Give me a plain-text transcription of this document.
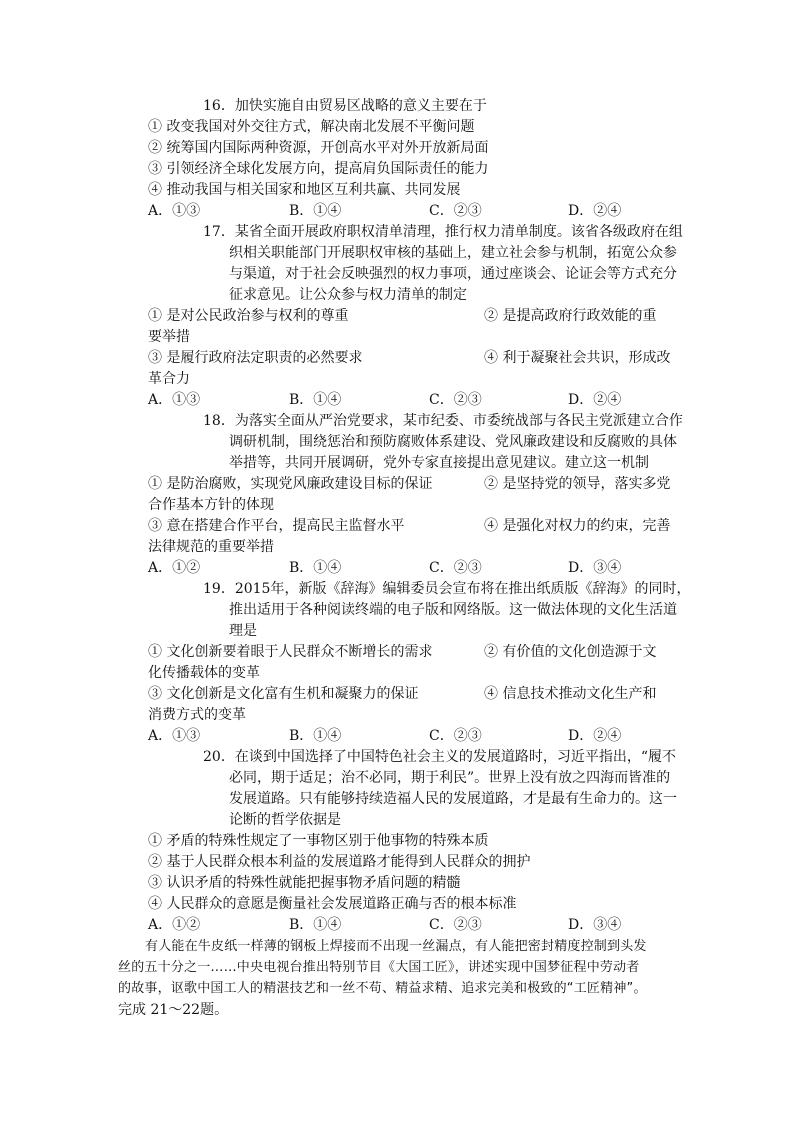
16．加快实施自由贸易区战略的意义主要在于
① 改变我国对外交往方式，解决南北发展不平衡问题
② 统筹国内国际两种资源，开创高水平对外开放新局面
③ 引领经济全球化发展方向，提高肩负国际责任的能力
④ 推动我国与相关国家和地区互利共赢、共同发展
A．①③	B．①④	C．②③	D．②④
17．某省全面开展政府职权清单清理，推行权力清单制度。该省各级政府在组
织相关职能部门开展职权审核的基础上，建立社会参与机制，拓宽公众参
与渠道，对于社会反映强烈的权力事项，通过座谈会、论证会等方式充分
征求意见。让公众参与权力清单的制定
① 是对公民政治参与权利的尊重	② 是提高政府行政效能的重
要举措
③ 是履行政府法定职责的必然要求	④ 利于凝聚社会共识，形成改
革合力
A．①③	B．①④	C．②③	D．②④
18．为落实全面从严治党要求，某市纪委、市委统战部与各民主党派建立合作
调研机制，围绕惩治和预防腐败体系建设、党风廉政建设和反腐败的具体
举措等，共同开展调研，党外专家直接提出意见建议。建立这一机制
① 是防治腐败，实现党风廉政建设目标的保证	② 是坚持党的领导，落实多党
合作基本方针的体现
③ 意在搭建合作平台，提高民主监督水平	④ 是强化对权力的约束，完善
法律规范的重要举措
A．①②	B．①④	C．②③	D．③④
19．2015年，新版《辞海》编辑委员会宣布将在推出纸质版《辞海》的同时，
推出适用于各种阅读终端的电子版和网络版。这一做法体现的文化生活道
理是
① 文化创新要着眼于人民群众不断增长的需求	② 有价值的文化创造源于文
化传播载体的变革
③ 文化创新是文化富有生机和凝聚力的保证	④ 信息技术推动文化生产和
消费方式的变革
A．①③	B．①④	C．②③	D．②④
20．在谈到中国选择了中国特色社会主义的发展道路时，习近平指出，“履不
必同，期于适足；治不必同，期于利民”。世界上没有放之四海而皆准的
发展道路。只有能够持续造福人民的发展道路，才是最有生命力的。这一
论断的哲学依据是
① 矛盾的特殊性规定了一事物区别于他事物的特殊本质
② 基于人民群众根本利益的发展道路才能得到人民群众的拥护
③ 认识矛盾的特殊性就能把握事物矛盾问题的精髓
④ 人民群众的意愿是衡量社会发展道路正确与否的根本标准
A．①②	B．①④	C．②③	D．③④
有人能在牛皮纸一样薄的钢板上焊接而不出现一丝漏点，有人能把密封精度控制到头发
丝的五十分之一……中央电视台推出特别节目《大国工匠》，讲述实现中国梦征程中劳动者
的故事，讴歌中国工人的精湛技艺和一丝不苟、精益求精、追求完美和极致的“工匠精神”。
完成 21～22题。
